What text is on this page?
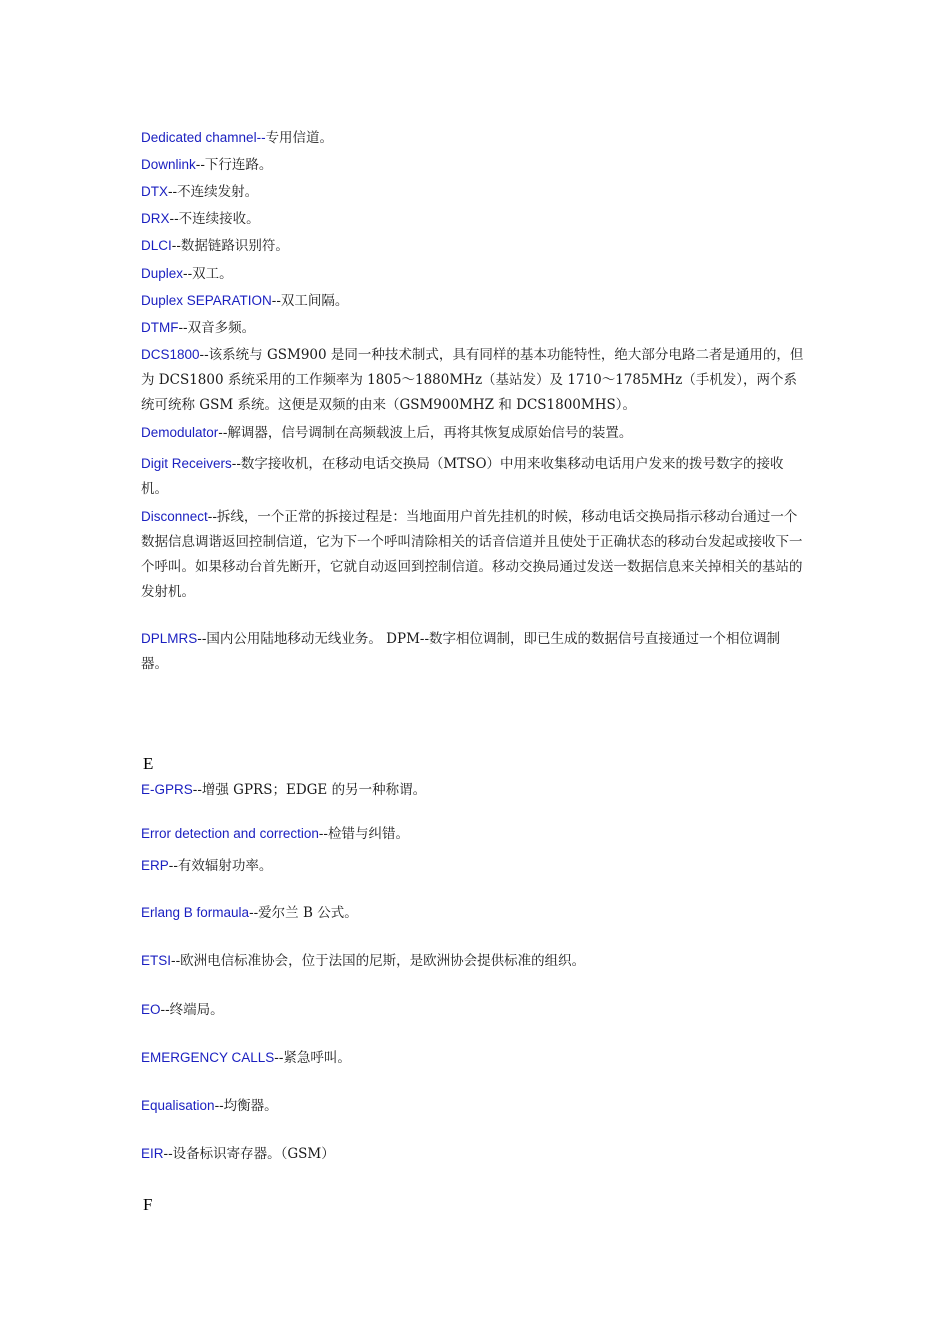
Dedicated chamnel--专用信道。

Downlink--下行连路。

DTX--不连续发射。

DRX--不连续接收。

DLCI--数据链路识别符。

Duplex--双工。

Duplex SEPARATION--双工间隔。

DTMF--双音多频。

DCS1800--该系统与 GSM900 是同一种技术制式，具有同样的基本功能特性，绝大部分电路二者是通用的，但为 DCS1800 系统采用的工作频率为 1805～1880MHz（基站发）及 1710～1785MHz（手机发），两个系统可统称 GSM 系统。这便是双频的由来（GSM900MHZ 和 DCS1800MHS）。

Demodulator--解调器，信号调制在高频载波上后，再将其恢复成原始信号的装置。

Digit Receivers--数字接收机，在移动电话交换局（MTSO）中用来收集移动电话用户发来的拨号数字的接收机。

Disconnect--拆线，一个正常的拆接过程是：当地面用户首先挂机的时候，移动电话交换局指示移动台通过一个数据信息调谐返回控制信道，它为下一个呼叫清除相关的话音信道并且使处于正确状态的移动台发起或接收下一个呼叫。如果移动台首先断开，它就自动返回到控制信道。移动交换局通过发送一数据信息来关掉相关的基站的发射机。

DPLMRS--国内公用陆地移动无线业务。 DPM--数字相位调制，即已生成的数据信号直接通过一个相位调制器。

E

E-GPRS--增强 GPRS；EDGE 的另一种称谓。

Error detection and correction--检错与纠错。

ERP--有效辐射功率。

Erlang B formaula--爱尔兰 B 公式。

ETSI--欧洲电信标准协会，位于法国的尼斯，是欧洲协会提供标准的组织。

EO--终端局。

EMERGENCY CALLS--紧急呼叫。

Equalisation--均衡器。

EIR--设备标识寄存器。（GSM）

F
